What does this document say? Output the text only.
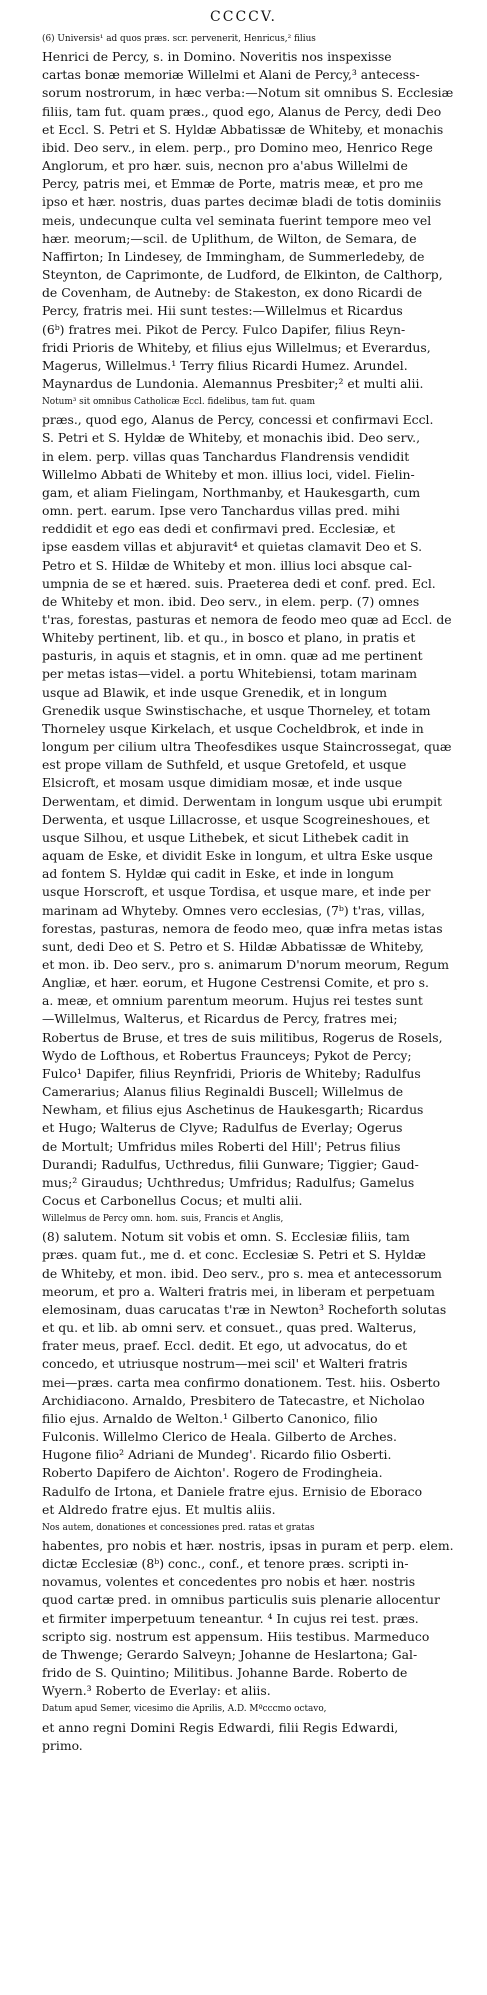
CCCCV.

(6) Universis¹ ad quos præs. scr. pervenerit, Henricus,² filius
Henrici de Percy, s. in Domino. Noveritis nos inspexisse
cartas bonæ memoriæ Willelmi et Alani de Percy,³ antecess-
sorum nostrorum, in hæc verba:—Notum sit omnibus S. Ecclesiæ
filiis, tam fut. quam præs., quod ego, Alanus de Percy, dedi Deo
et Eccl. S. Petri et S. Hyldæ Abbatissæ de Whiteby, et monachis
ibid. Deo serv., in elem. perp., pro Domino meo, Henrico Rege
Anglorum, et pro hær. suis, necnon pro a'abus Willelmi de
Percy, patris mei, et Emmæ de Porte, matris meæ, et pro me
ipso et hær. nostris, duas partes decimæ bladi de totis dominiis
meis, undecunque culta vel seminata fuerint tempore meo vel
hær. meorum;—scil. de Uplithum, de Wilton, de Semara, de
Naffirton; In Lindesey, de Immingham, de Summerledeby, de
Steynton, de Caprimonte, de Ludford, de Elkinton, de Calthorp,
de Covenham, de Autneby: de Stakeston, ex dono Ricardi de
Percy, fratris mei. Hii sunt testes:—Willelmus et Ricardus
(6ᵇ) fratres mei. Pikot de Percy. Fulco Dapifer, filius Reyn-
fridi Prioris de Whiteby, et filius ejus Willelmus; et Everardus,
Magerus, Willelmus.¹ Terry filius Ricardi Humez. Arundel.
Maynardus de Lundonia. Alemannus Presbiter;² et multi alii.

Notum³ sit omnibus Catholicæ Eccl. fidelibus, tam fut. quam
præs., quod ego, Alanus de Percy, concessi et confirmavi Eccl.
S. Petri et S. Hyldæ de Whiteby, et monachis ibid. Deo serv.,
in elem. perp. villas quas Tanchardus Flandrensis vendidit
Willelmo Abbati de Whiteby et mon. illius loci, videl. Fielin-
gam, et aliam Fielingam, Northmanby, et Haukesgarth, cum
omn. pert. earum. Ipse vero Tanchardus villas pred. mihi
reddidit et ego eas dedi et confirmavi pred. Ecclesiæ, et
ipse easdem villas et abjuravit⁴ et quietas clamavit Deo et S.
Petro et S. Hildæ de Whiteby et mon. illius loci absque cal-
umpnia de se et hæred. suis. Praeterea dedi et conf. pred. Ecl.
de Whiteby et mon. ibid. Deo serv., in elem. perp. (7) omnes
t'ras, forestas, pasturas et nemora de feodo meo quæ ad Eccl. de
Whiteby pertinent, lib. et qu., in bosco et plano, in pratis et
pasturis, in aquis et stagnis, et in omn. quæ ad me pertinent
per metas istas—videl. a portu Whitebiensi, totam marinam
usque ad Blawik, et inde usque Grenedik, et in longum
Grenedik usque Swinstischache, et usque Thorneley, et totam
Thorneley usque Kirkelach, et usque Cocheldbrok, et inde in
longum per cilium ultra Theofesdikes usque Staincrossegat, quæ
est prope villam de Suthfeld, et usque Gretofeld, et usque
Elsicroft, et mosam usque dimidiam mosæ, et inde usque
Derwentam, et dimid. Derwentam in longum usque ubi erumpit
Derwenta, et usque Lillacrosse, et usque Scogreineshoues, et
usque Silhou, et usque Lithebek, et sicut Lithebek cadit in
aquam de Eske, et dividit Eske in longum, et ultra Eske usque
ad fontem S. Hyldæ qui cadit in Eske, et inde in longum
usque Horscroft, et usque Tordisa, et usque mare, et inde per
marinam ad Whyteby. Omnes vero ecclesias, (7ᵇ) t'ras, villas,
forestas, pasturas, nemora de feodo meo, quæ infra metas istas
sunt, dedi Deo et S. Petro et S. Hildæ Abbatissæ de Whiteby,
et mon. ib. Deo serv., pro s. animarum D'norum meorum, Regum
Angliæ, et hær. eorum, et Hugone Cestrensi Comite, et pro s.
a. meæ, et omnium parentum meorum. Hujus rei testes sunt
—Willelmus, Walterus, et Ricardus de Percy, fratres mei;
Robertus de Bruse, et tres de suis militibus, Rogerus de Rosels,
Wydo de Lofthous, et Robertus Fraunceys; Pykot de Percy;
Fulco¹ Dapifer, filius Reynfridi, Prioris de Whiteby; Radulfus
Camerarius; Alanus filius Reginaldi Buscell; Willelmus de
Newham, et filius ejus Aschetinus de Haukesgarth; Ricardus
et Hugo; Walterus de Clyve; Radulfus de Everlay; Ogerus
de Mortult; Umfridus miles Roberti del Hill'; Petrus filius
Durandi; Radulfus, Ucthredus, filii Gunware; Tiggier; Gaud-
mus;² Giraudus; Uchthredus; Umfridus; Radulfus; Gamelus
Cocus et Carbonellus Cocus; et multi alii.

Willelmus de Percy omn. hom. suis, Francis et Anglis,
(8) salutem. Notum sit vobis et omn. S. Ecclesiæ filiis, tam
præs. quam fut., me d. et conc. Ecclesiæ S. Petri et S. Hyldæ
de Whiteby, et mon. ibid. Deo serv., pro s. mea et antecessorum
meorum, et pro a. Walteri fratris mei, in liberam et perpetuam
elemosinam, duas carucatas t'ræ in Newton³ Rocheforth solutas
et qu. et lib. ab omni serv. et consuet., quas pred. Walterus,
frater meus, praef. Eccl. dedit. Et ego, ut advocatus, do et
concedo, et utriusque nostrum—mei scil' et Walteri fratris
mei—præs. carta mea confirmo donationem. Test. hiis. Osberto
Archidiacono. Arnaldo, Presbitero de Tatecastre, et Nicholao
filio ejus. Arnaldo de Welton.¹ Gilberto Canonico, filio
Fulconis. Willelmo Clerico de Heala. Gilberto de Arches.
Hugone filio² Adriani de Mundeg'. Ricardo filio Osberti.
Roberto Dapifero de Aichton'. Rogero de Frodingheia.
Radulfo de Irtona, et Daniele fratre ejus. Ernisio de Eboraco
et Aldredo fratre ejus. Et multis aliis.

Nos autem, donationes et concessiones pred. ratas et gratas
habentes, pro nobis et hær. nostris, ipsas in puram et perp. elem.
dictæ Ecclesiæ (8ᵇ) conc., conf., et tenore præs. scripti in-
novamus, volentes et concedentes pro nobis et hær. nostris
quod cartæ pred. in omnibus particulis suis plenarie allocentur
et firmiter imperpetuum teneantur. ⁴ In cujus rei test. præs.
scripto sig. nostrum est appensum. Hiis testibus. Marmeduco
de Thwenge; Gerardo Salveyn; Johanne de Heslartona; Gal-
frido de S. Quintino; Militibus. Johanne Barde. Roberto de
Wyern.³ Roberto de Everlay: et aliis.

Datum apud Semer, vicesimo die Aprilis, A.D. Mºcccmo octavo,
et anno regni Domini Regis Edwardi, filii Regis Edwardi,
primo.
